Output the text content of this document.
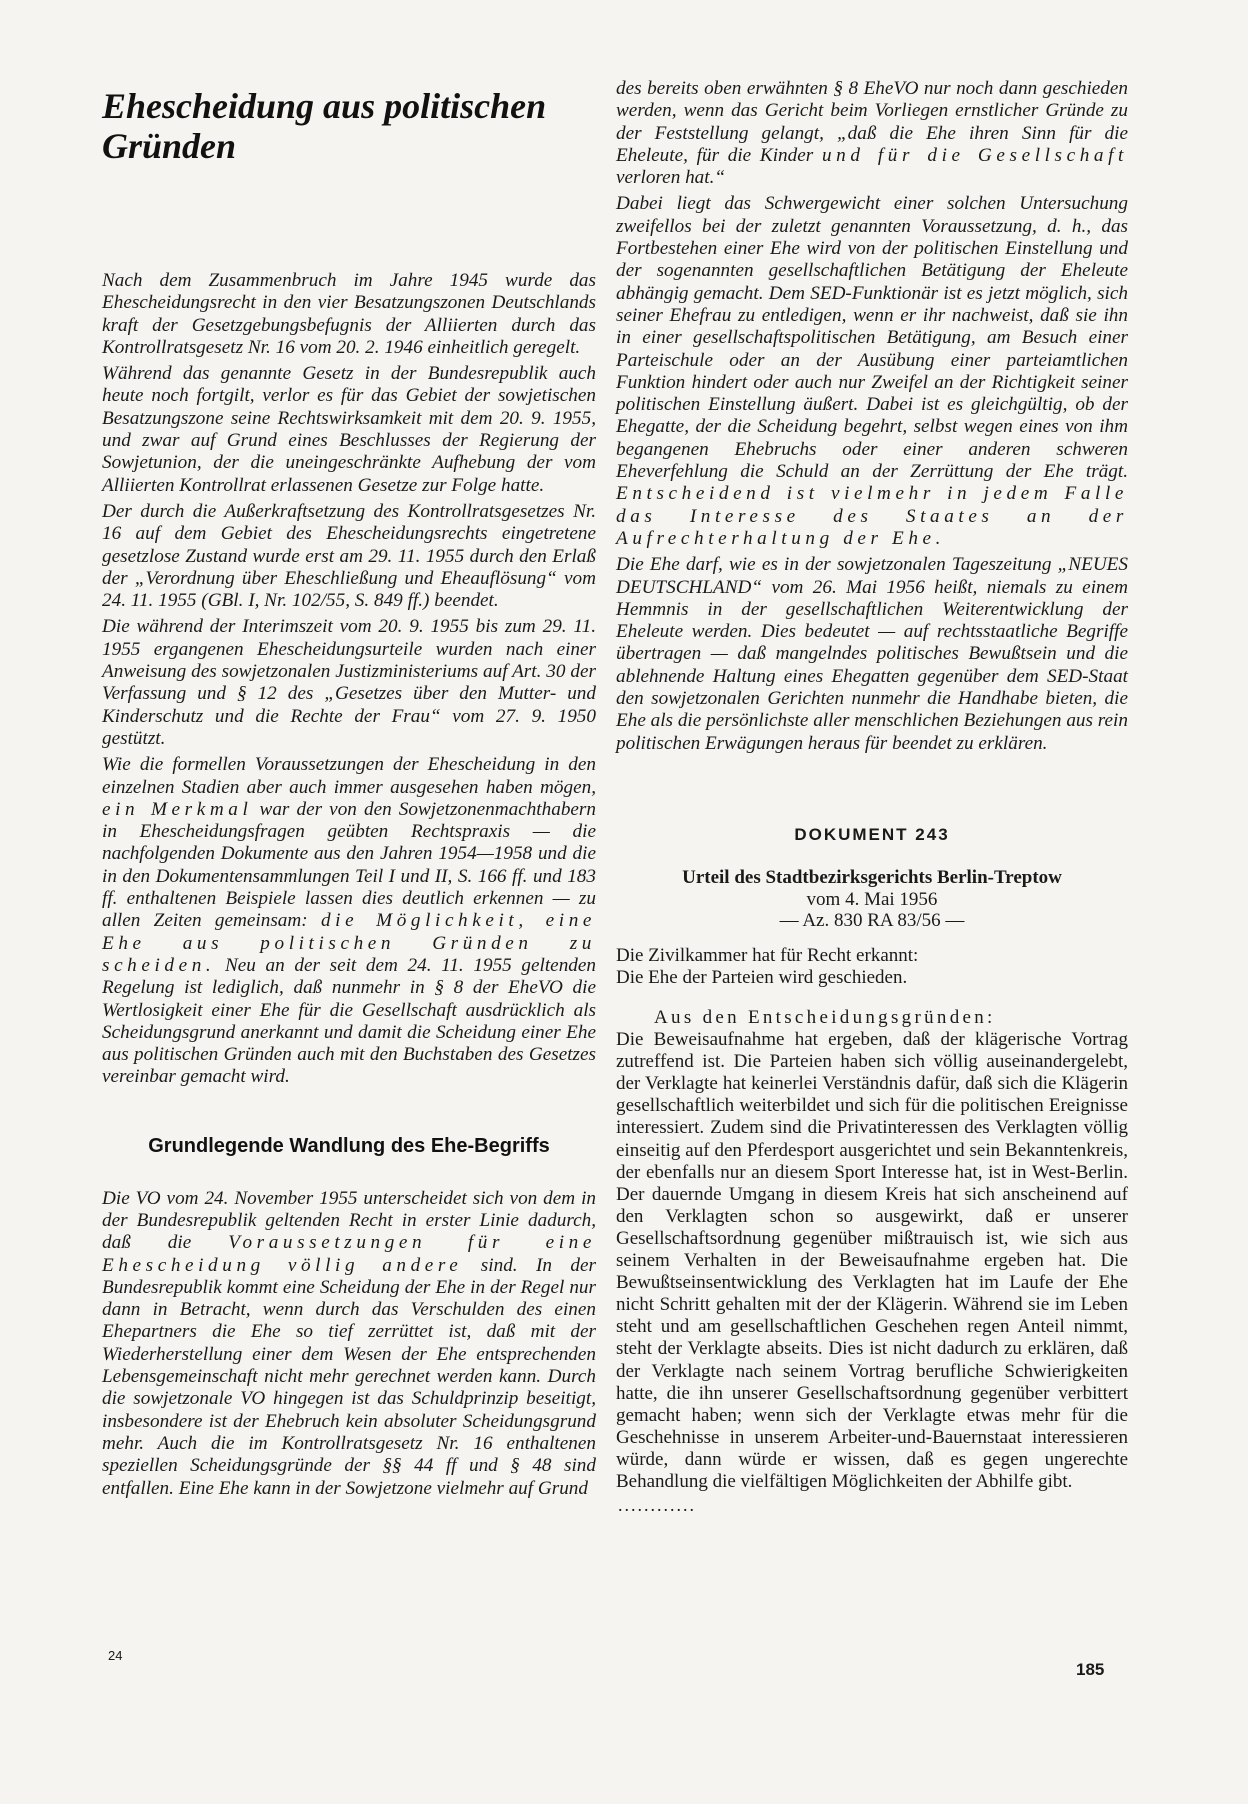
Ehescheidung aus politischen Gründen

Nach dem Zusammenbruch im Jahre 1945 wurde das Ehescheidungsrecht in den vier Besatzungszonen Deutschlands kraft der Gesetzgebungsbefugnis der Alliierten durch das Kontrollratsgesetz Nr. 16 vom 20. 2. 1946 einheitlich geregelt.

Während das genannte Gesetz in der Bundesrepublik auch heute noch fortgilt, verlor es für das Gebiet der sowjetischen Besatzungszone seine Rechtswirksamkeit mit dem 20. 9. 1955, und zwar auf Grund eines Beschlusses der Regierung der Sowjetunion, der die uneingeschränkte Aufhebung der vom Alliierten Kontrollrat erlassenen Gesetze zur Folge hatte.

Der durch die Außerkraftsetzung des Kontrollratsgesetzes Nr. 16 auf dem Gebiet des Ehescheidungsrechts eingetretene gesetzlose Zustand wurde erst am 29. 11. 1955 durch den Erlaß der „Verordnung über Eheschließung und Eheauflösung“ vom 24. 11. 1955 (GBl. I, Nr. 102/55, S. 849 ff.) beendet.

Die während der Interimszeit vom 20. 9. 1955 bis zum 29. 11. 1955 ergangenen Ehescheidungsurteile wurden nach einer Anweisung des sowjetzonalen Justizministeriums auf Art. 30 der Verfassung und § 12 des „Gesetzes über den Mutter- und Kinderschutz und die Rechte der Frau“ vom 27. 9. 1950 gestützt.

Wie die formellen Voraussetzungen der Ehescheidung in den einzelnen Stadien aber auch immer ausgesehen haben mögen, ein Merkmal war der von den Sowjetzonenmachthabern in Ehescheidungsfragen geübten Rechtspraxis — die nachfolgenden Dokumente aus den Jahren 1954—1958 und die in den Dokumentensammlungen Teil I und II, S. 166 ff. und 183 ff. enthaltenen Beispiele lassen dies deutlich erkennen — zu allen Zeiten gemeinsam: die Möglichkeit, eine Ehe aus politischen Gründen zu scheiden. Neu an der seit dem 24. 11. 1955 geltenden Regelung ist lediglich, daß nunmehr in § 8 der EheVO die Wertlosigkeit einer Ehe für die Gesellschaft ausdrücklich als Scheidungsgrund anerkannt und damit die Scheidung einer Ehe aus politischen Gründen auch mit den Buchstaben des Gesetzes vereinbar gemacht wird.

Grundlegende Wandlung des Ehe-Begriffs

Die VO vom 24. November 1955 unterscheidet sich von dem in der Bundesrepublik geltenden Recht in erster Linie dadurch, daß die Voraussetzungen für eine Ehescheidung völlig andere sind. In der Bundesrepublik kommt eine Scheidung der Ehe in der Regel nur dann in Betracht, wenn durch das Verschulden des einen Ehepartners die Ehe so tief zerrüttet ist, daß mit der Wiederherstellung einer dem Wesen der Ehe entsprechenden Lebensgemeinschaft nicht mehr gerechnet werden kann. Durch die sowjetzonale VO hingegen ist das Schuldprinzip beseitigt, insbesondere ist der Ehebruch kein absoluter Scheidungsgrund mehr. Auch die im Kontrollratsgesetz Nr. 16 enthaltenen speziellen Scheidungsgründe der §§ 44 ff und § 48 sind entfallen. Eine Ehe kann in der Sowjetzone vielmehr auf Grund

des bereits oben erwähnten § 8 EheVO nur noch dann geschieden werden, wenn das Gericht beim Vorliegen ernstlicher Gründe zu der Feststellung gelangt, „daß die Ehe ihren Sinn für die Eheleute, für die Kinder und für die Gesellschaft verloren hat.“

Dabei liegt das Schwergewicht einer solchen Untersuchung zweifellos bei der zuletzt genannten Voraussetzung, d. h., das Fortbestehen einer Ehe wird von der politischen Einstellung und der sogenannten gesellschaftlichen Betätigung der Eheleute abhängig gemacht. Dem SED-Funktionär ist es jetzt möglich, sich seiner Ehefrau zu entledigen, wenn er ihr nachweist, daß sie ihn in einer gesellschaftspolitischen Betätigung, am Besuch einer Parteischule oder an der Ausübung einer parteiamtlichen Funktion hindert oder auch nur Zweifel an der Richtigkeit seiner politischen Einstellung äußert. Dabei ist es gleichgültig, ob der Ehegatte, der die Scheidung begehrt, selbst wegen eines von ihm begangenen Ehebruchs oder einer anderen schweren Eheverfehlung die Schuld an der Zerrüttung der Ehe trägt. Entscheidend ist vielmehr in jedem Falle das Interesse des Staates an der Aufrechterhaltung der Ehe.

Die Ehe darf, wie es in der sowjetzonalen Tageszeitung „NEUES DEUTSCHLAND“ vom 26. Mai 1956 heißt, niemals zu einem Hemmnis in der gesellschaftlichen Weiterentwicklung der Eheleute werden. Dies bedeutet — auf rechtsstaatliche Begriffe übertragen — daß mangelndes politisches Bewußtsein und die ablehnende Haltung eines Ehegatten gegenüber dem SED-Staat den sowjetzonalen Gerichten nunmehr die Handhabe bieten, die Ehe als die persönlichste aller menschlichen Beziehungen aus rein politischen Erwägungen heraus für beendet zu erklären.

DOKUMENT 243

Urteil des Stadtbezirksgerichts Berlin-Treptow

vom 4. Mai 1956

— Az. 830 RA 83/56 —

Die Zivilkammer hat für Recht erkannt:

Die Ehe der Parteien wird geschieden.

Aus den Entscheidungsgründen:

Die Beweisaufnahme hat ergeben, daß der klägerische Vortrag zutreffend ist. Die Parteien haben sich völlig auseinandergelebt, der Verklagte hat keinerlei Verständnis dafür, daß sich die Klägerin gesellschaftlich weiterbildet und sich für die politischen Ereignisse interessiert. Zudem sind die Privatinteressen des Verklagten völlig einseitig auf den Pferdesport ausgerichtet und sein Bekanntenkreis, der ebenfalls nur an diesem Sport Interesse hat, ist in West-Berlin. Der dauernde Umgang in diesem Kreis hat sich anscheinend auf den Verklagten schon so ausgewirkt, daß er unserer Gesellschaftsordnung gegenüber mißtrauisch ist, wie sich aus seinem Verhalten in der Beweisaufnahme ergeben hat. Die Bewußtseinsentwicklung des Verklagten hat im Laufe der Ehe nicht Schritt gehalten mit der der Klägerin. Während sie im Leben steht und am gesellschaftlichen Geschehen regen Anteil nimmt, steht der Verklagte abseits. Dies ist nicht dadurch zu erklären, daß der Verklagte nach seinem Vortrag berufliche Schwierigkeiten hatte, die ihn unserer Gesellschaftsordnung gegenüber verbittert gemacht haben; wenn sich der Verklagte etwas mehr für die Geschehnisse in unserem Arbeiter-und-Bauernstaat interessieren würde, dann würde er wissen, daß es gegen ungerechte Behandlung die vielfältigen Möglichkeiten der Abhilfe gibt.

............
24
185
